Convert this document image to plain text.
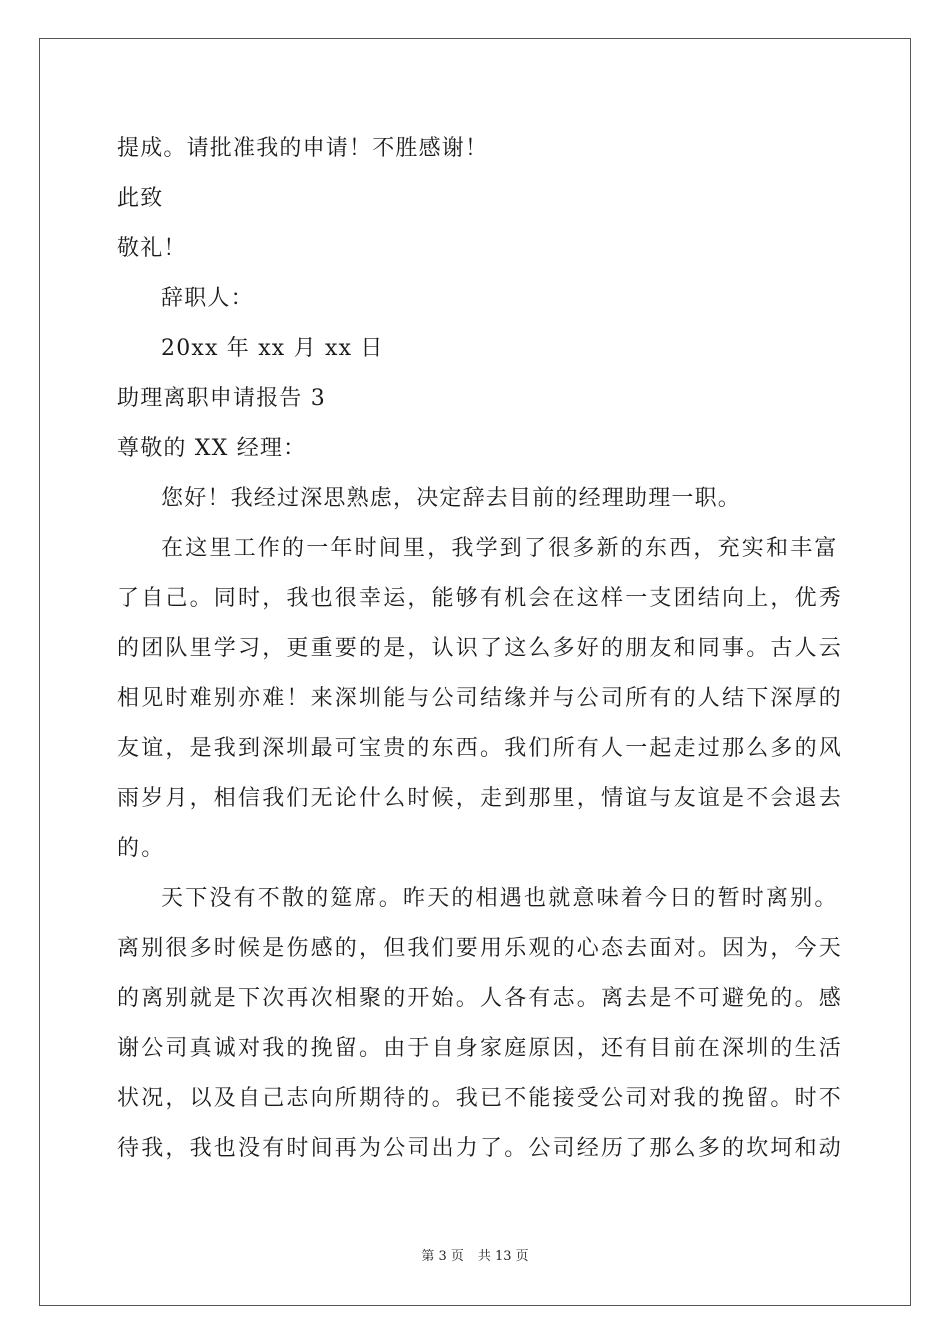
提成。请批准我的申请！不胜感谢！

此致

敬礼！

辞职人：

20xx 年 xx 月 xx 日

助理离职申请报告 3

尊敬的 XX 经理：

您好！我经过深思熟虑，决定辞去目前的经理助理一职。

在这里工作的一年时间里，我学到了很多新的东西，充实和丰富

了自己。同时，我也很幸运，能够有机会在这样一支团结向上，优秀

的团队里学习，更重要的是，认识了这么多好的朋友和同事。古人云

相见时难别亦难！来深圳能与公司结缘并与公司所有的人结下深厚的

友谊，是我到深圳最可宝贵的东西。我们所有人一起走过那么多的风

雨岁月，相信我们无论什么时候，走到那里，情谊与友谊是不会退去

的。

天下没有不散的筵席。昨天的相遇也就意味着今日的暂时离别。

离别很多时候是伤感的，但我们要用乐观的心态去面对。因为，今天

的离别就是下次再次相聚的开始。人各有志。离去是不可避免的。感

谢公司真诚对我的挽留。由于自身家庭原因，还有目前在深圳的生活

状况，以及自己志向所期待的。我已不能接受公司对我的挽留。时不

待我，我也没有时间再为公司出力了。公司经历了那么多的坎坷和动

第 3 页 共 13 页
